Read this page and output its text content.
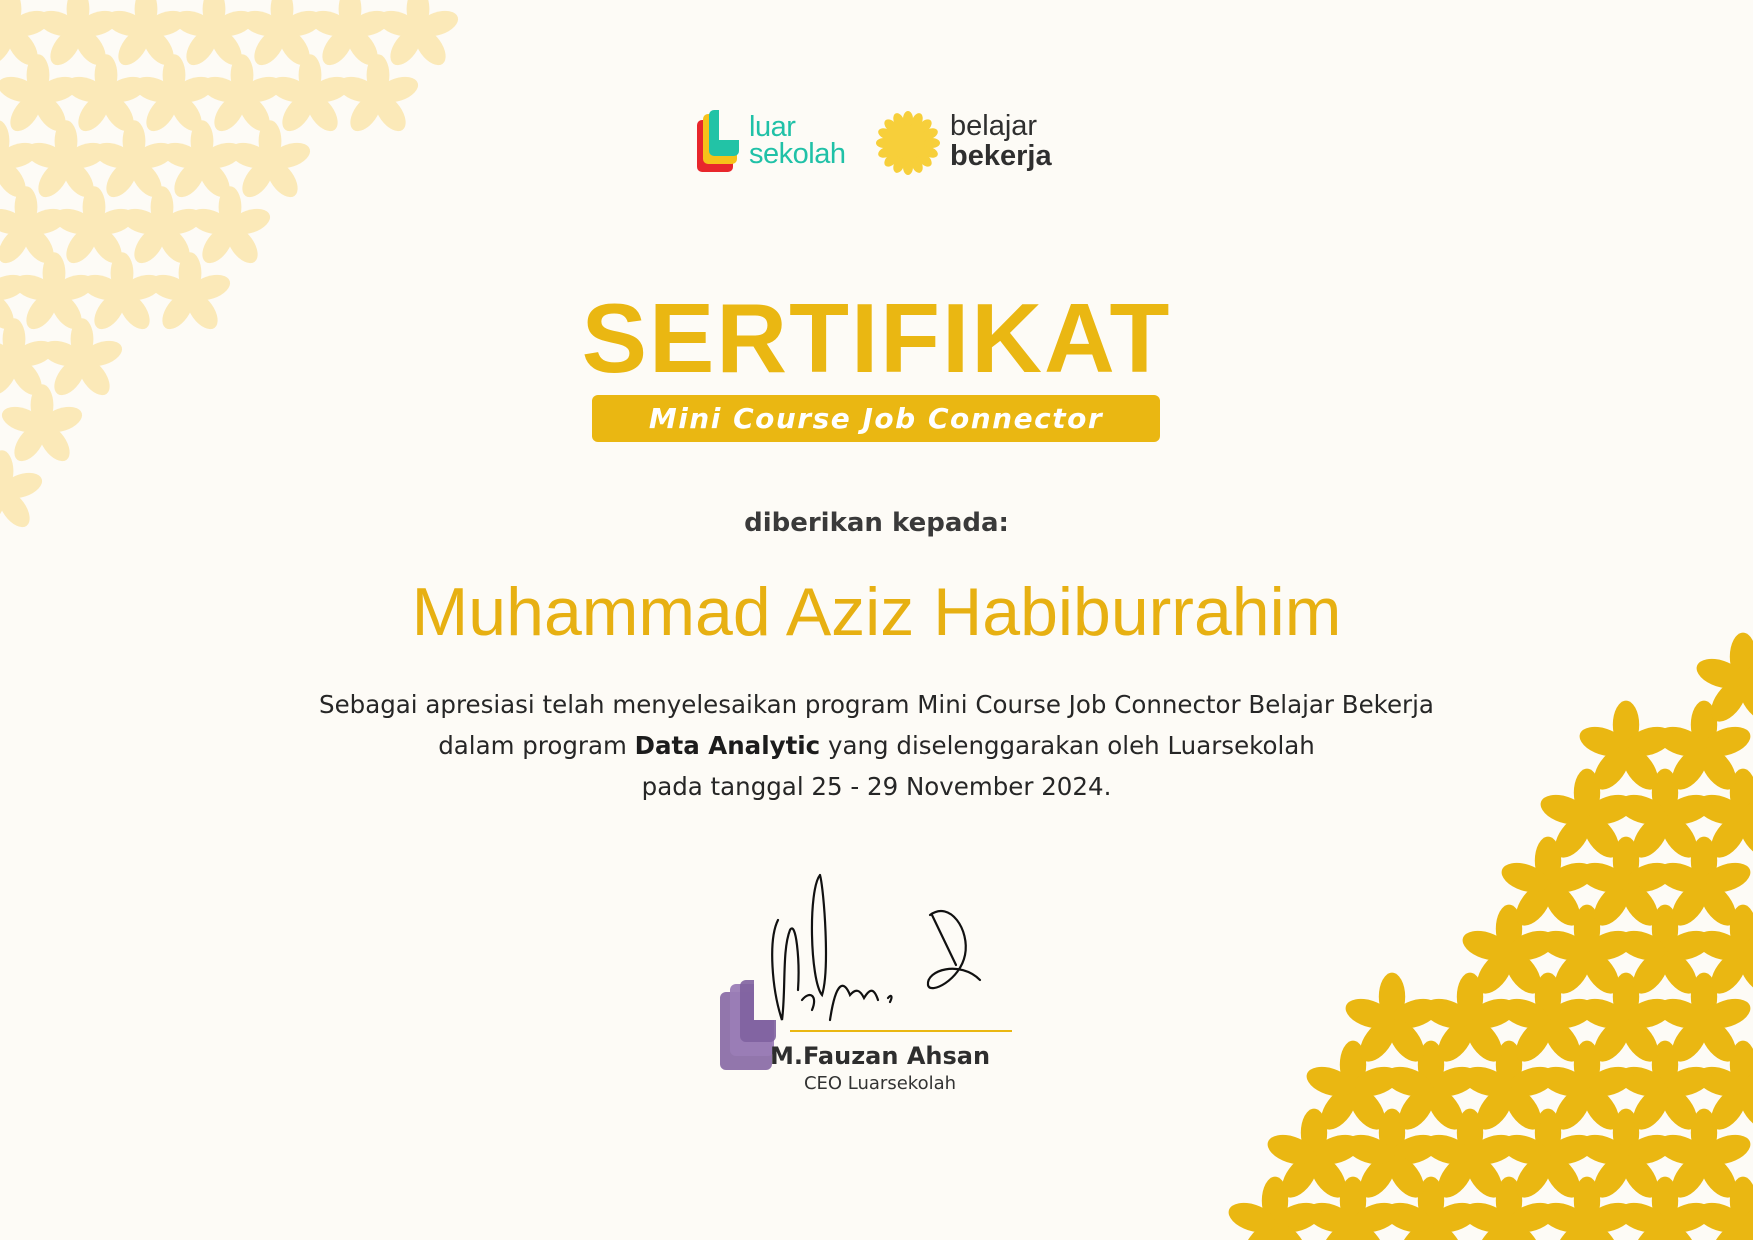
luar
sekolah
belajar
bekerja
SERTIFIKAT
Mini Course Job Connector
diberikan kepada:
Muhammad Aziz Habiburrahim
Sebagai apresiasi telah menyelesaikan program Mini Course Job Connector Belajar Bekerja
dalam program Data Analytic yang diselenggarakan oleh Luarsekolah
pada tanggal 25 - 29 November 2024.
M.Fauzan Ahsan
CEO Luarsekolah
